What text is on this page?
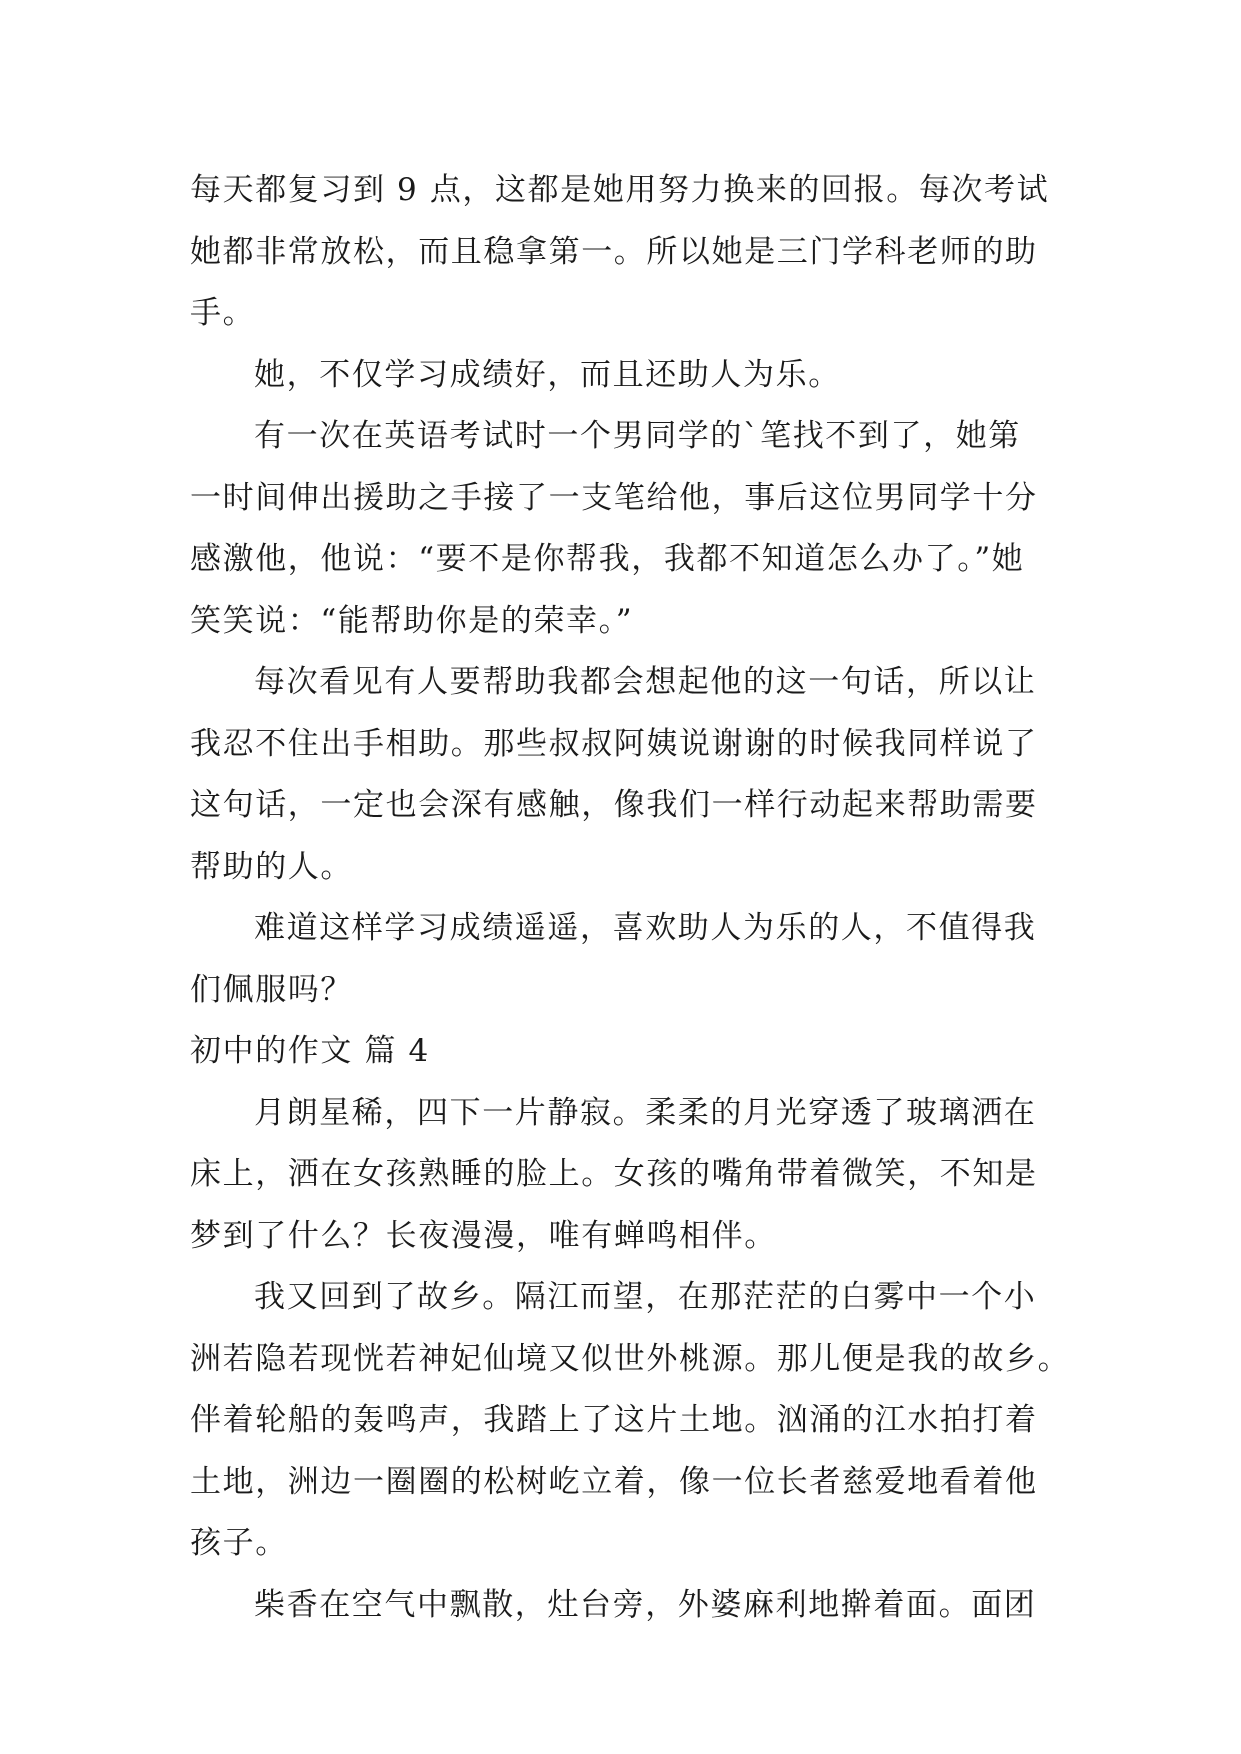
每天都复习到 9 点，这都是她用努力换来的回报。每次考试
她都非常放松，而且稳拿第一。所以她是三门学科老师的助
手。
她，不仅学习成绩好，而且还助人为乐。
有一次在英语考试时一个男同学的`笔找不到了，她第
一时间伸出援助之手接了一支笔给他，事后这位男同学十分
感激他，他说：“要不是你帮我，我都不知道怎么办了。”她
笑笑说：“能帮助你是的荣幸。”
每次看见有人要帮助我都会想起他的这一句话，所以让
我忍不住出手相助。那些叔叔阿姨说谢谢的时候我同样说了
这句话，一定也会深有感触，像我们一样行动起来帮助需要
帮助的人。
难道这样学习成绩遥遥，喜欢助人为乐的人，不值得我
们佩服吗？
初中的作文 篇 4
月朗星稀，四下一片静寂。柔柔的月光穿透了玻璃洒在
床上，洒在女孩熟睡的脸上。女孩的嘴角带着微笑，不知是
梦到了什么？长夜漫漫，唯有蝉鸣相伴。
我又回到了故乡。隔江而望，在那茫茫的白雾中一个小
洲若隐若现恍若神妃仙境又似世外桃源。那儿便是我的故乡。
伴着轮船的轰鸣声，我踏上了这片土地。汹涌的江水拍打着
土地，洲边一圈圈的松树屹立着，像一位长者慈爱地看着他
孩子。
柴香在空气中飘散，灶台旁，外婆麻利地擀着面。面团
